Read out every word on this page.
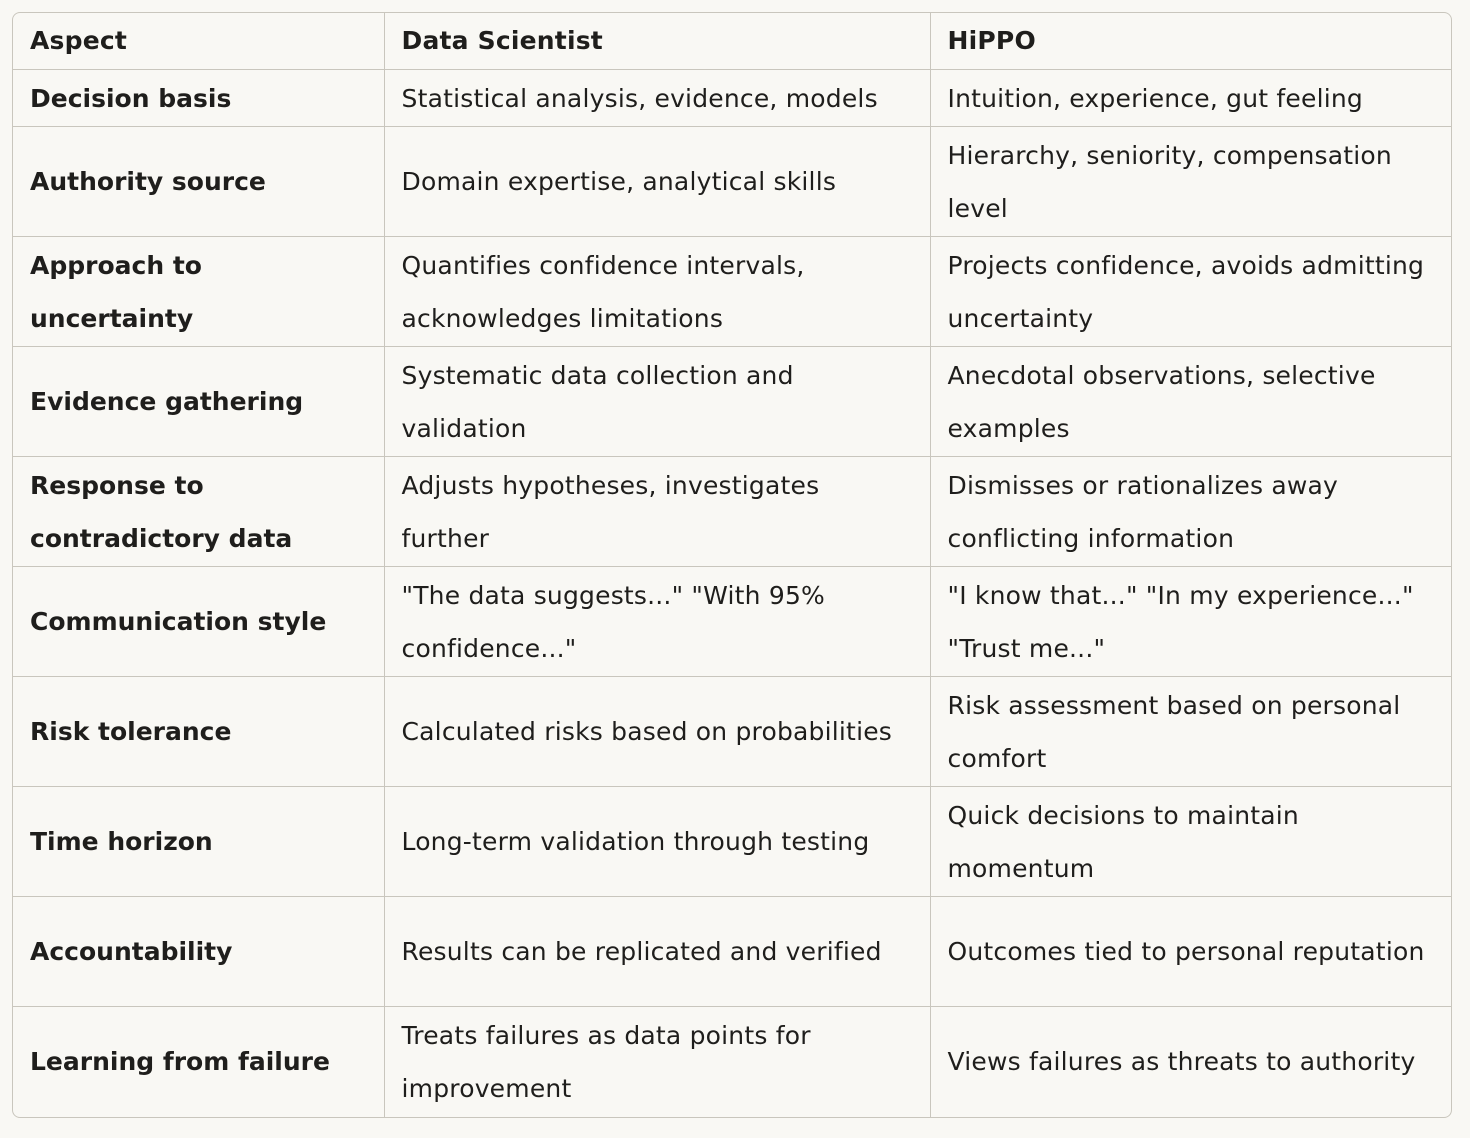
Aspect	Data Scientist	HiPPO
Decision basis	Statistical analysis, evidence, models	Intuition, experience, gut feeling
Authority source	Domain expertise, analytical skills	Hierarchy, seniority, compensation level
Approach to uncertainty	Quantifies confidence intervals, acknowledges limitations	Projects confidence, avoids admitting uncertainty
Evidence gathering	Systematic data collection and validation	Anecdotal observations, selective examples
Response to contradictory data	Adjusts hypotheses, investigates further	Dismisses or rationalizes away conflicting information
Communication style	"The data suggests..." "With 95% confidence..."	"I know that..." "In my experience..." "Trust me..."
Risk tolerance	Calculated risks based on probabilities	Risk assessment based on personal comfort
Time horizon	Long-term validation through testing	Quick decisions to maintain momentum
Accountability	Results can be replicated and verified	Outcomes tied to personal reputation
Learning from failure	Treats failures as data points for improvement	Views failures as threats to authority
